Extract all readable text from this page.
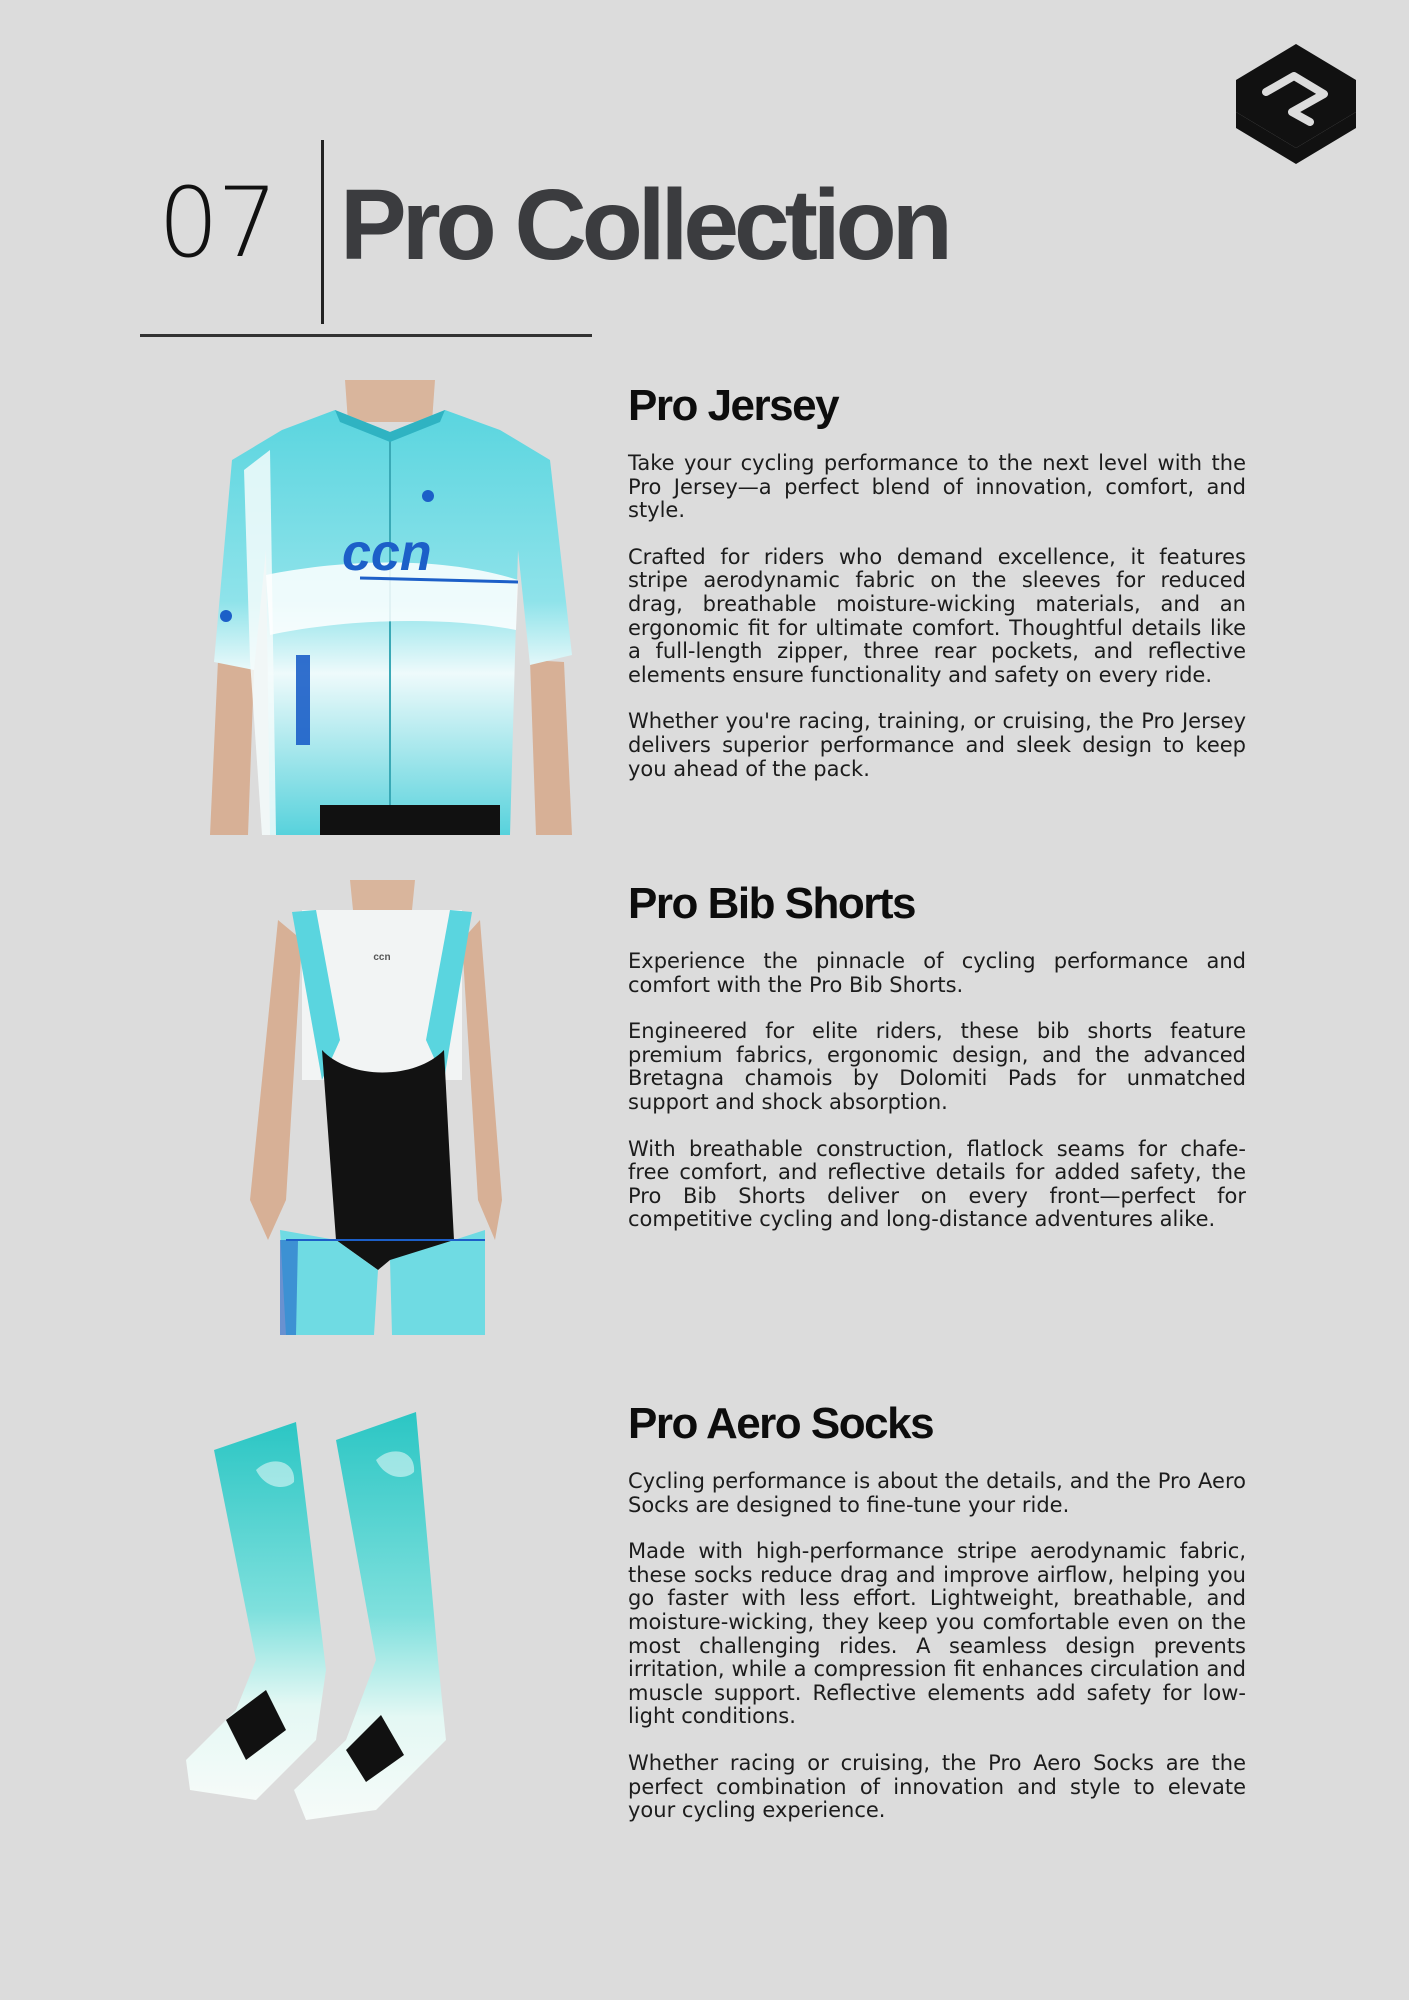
07 Pro Collection
ccn
ccn
Pro Jersey

Take your cycling performance to the next level with the Pro Jersey—a perfect blend of innovation, comfort, and style.

Crafted for riders who demand excellence, it features stripe aerodynamic fabric on the sleeves for reduced drag, breathable moisture-wicking materials, and an ergonomic fit for ultimate comfort. Thoughtful details like a full-length zipper, three rear pockets, and reflective elements ensure functionality and safety on every ride.

Whether you're racing, training, or cruising, the Pro Jersey delivers superior performance and sleek design to keep you ahead of the pack.

Pro Bib Shorts

Experience the pinnacle of cycling performance and comfort with the Pro Bib Shorts.

Engineered for elite riders, these bib shorts feature premium fabrics, ergonomic design, and the advanced Bretagna chamois by Dolomiti Pads for unmatched support and shock absorption.

With breathable construction, flatlock seams for chafe-free comfort, and reflective details for added safety, the Pro Bib Shorts deliver on every front—perfect for competitive cycling and long-distance adventures alike.

Pro Aero Socks

Cycling performance is about the details, and the Pro Aero Socks are designed to fine-tune your ride.

Made with high-performance stripe aerodynamic fabric, these socks reduce drag and improve airflow, helping you go faster with less effort. Lightweight, breathable, and moisture-wicking, they keep you comfortable even on the most challenging rides. A seamless design prevents irritation, while a compression fit enhances circulation and muscle support. Reflective elements add safety for low-light conditions.

Whether racing or cruising, the Pro Aero Socks are the perfect combination of innovation and style to elevate your cycling experience.
